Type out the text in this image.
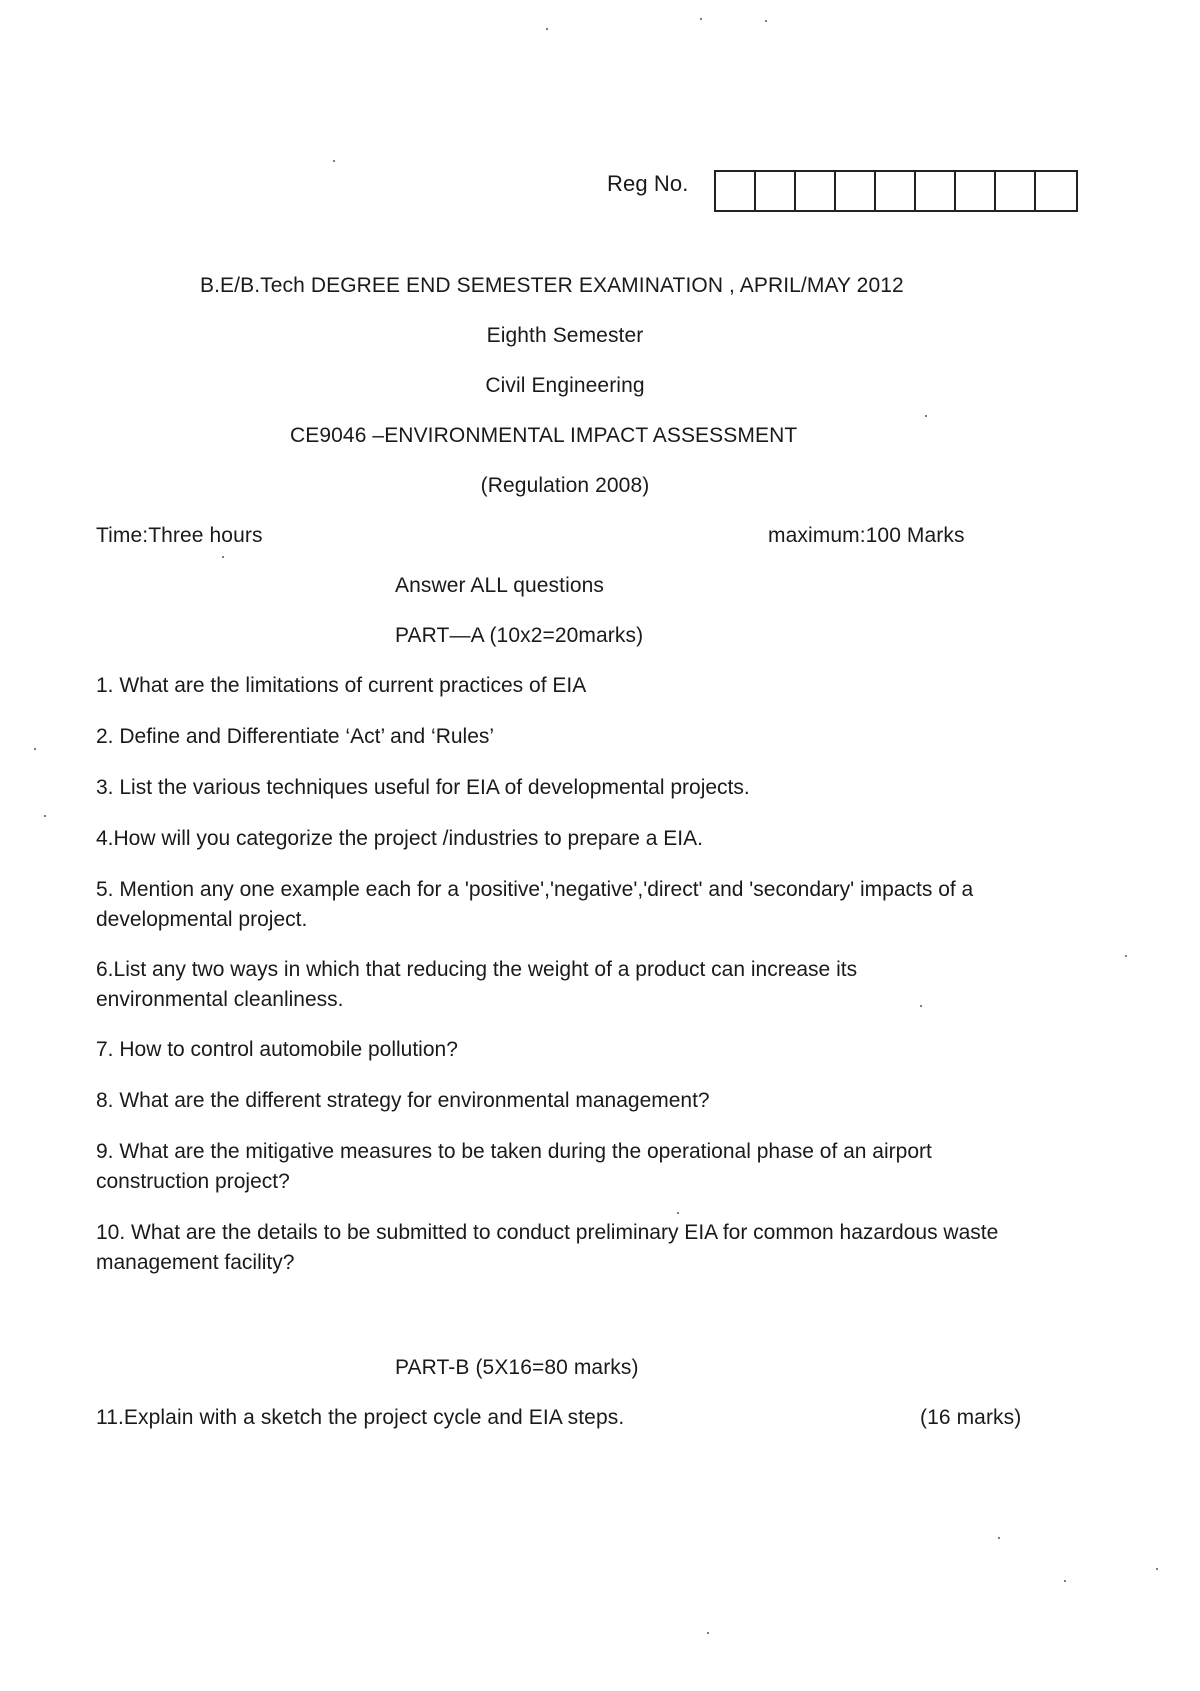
Reg No.
B.E/B.Tech DEGREE END SEMESTER EXAMINATION , APRIL/MAY 2012
Eighth Semester
Civil Engineering
CE9046 –ENVIRONMENTAL IMPACT ASSESSMENT
(Regulation 2008)
Time:Three hours	maximum:100 Marks
Answer ALL questions
PART—A (10x2=20marks)
1. What are the limitations of current practices of EIA
2. Define and Differentiate ‘Act’ and ‘Rules’
3. List the various techniques useful for EIA of developmental projects.
4.How will you categorize the project /industries to prepare a EIA.
5. Mention any one example each for a 'positive','negative','direct' and 'secondary' impacts of a developmental project.
6.List any two ways in which that reducing the weight of a product can increase its environmental cleanliness.
7. How to control automobile pollution?
8. What are the different strategy for environmental management?
9. What are the mitigative measures to be taken during the operational phase of an airport construction project?
10. What are the details to be submitted to conduct preliminary EIA for common hazardous waste management facility?
PART-B (5X16=80 marks)
11.Explain with a sketch the project cycle and EIA steps.	(16 marks)
